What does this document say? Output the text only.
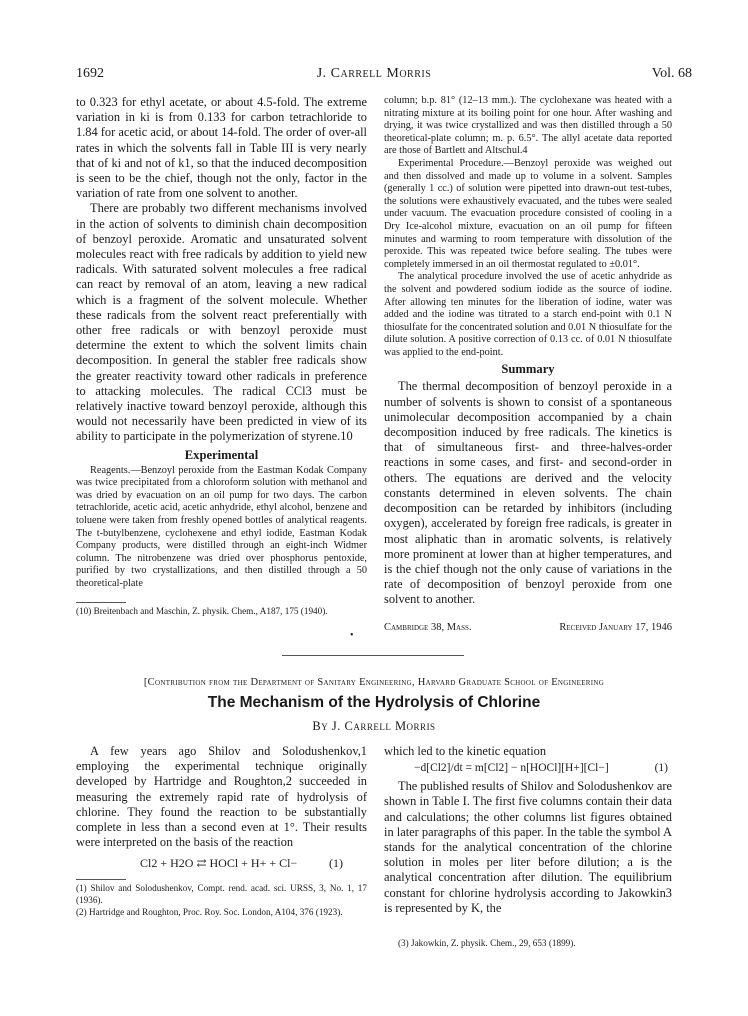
1692	J. Carrell Morris	Vol. 68

to 0.323 for ethyl acetate, or about 4.5-fold. The extreme variation in ki is from 0.133 for carbon tetrachloride to 1.84 for acetic acid, or about 14-fold. The order of over-all rates in which the solvents fall in Table III is very nearly that of ki and not of k1, so that the induced decomposition is seen to be the chief, though not the only, factor in the variation of rate from one solvent to another.

There are probably two different mechanisms involved in the action of solvents to diminish chain decomposition of benzoyl peroxide. Aromatic and unsaturated solvent molecules react with free radicals by addition to yield new radicals. With saturated solvent molecules a free radical can react by removal of an atom, leaving a new radical which is a fragment of the solvent molecule. Whether these radicals from the solvent react preferentially with other free radicals or with benzoyl peroxide must determine the extent to which the solvent limits chain decomposition. In general the stabler free radicals show the greater reactivity toward other radicals in preference to attacking molecules. The radical CCl3 must be relatively inactive toward benzoyl peroxide, although this would not necessarily have been predicted in view of its ability to participate in the polymerization of styrene.10

Experimental

Reagents.—Benzoyl peroxide from the Eastman Kodak Company was twice precipitated from a chloroform solution with methanol and was dried by evacuation on an oil pump for two days. The carbon tetrachloride, acetic acid, acetic anhydride, ethyl alcohol, benzene and toluene were taken from freshly opened bottles of analytical reagents. The t-butylbenzene, cyclohexene and ethyl iodide, Eastman Kodak Company products, were distilled through an eight-inch Widmer column. The nitrobenzene was dried over phosphorus pentoxide, purified by two crystallizations, and then distilled through a 50 theoretical-plate

(10) Breitenbach and Maschin, Z. physik. Chem., A187, 175 (1940).

column; b.p. 81° (12–13 mm.). The cyclohexane was heated with a nitrating mixture at its boiling point for one hour. After washing and drying, it was twice crystallized and was then distilled through a 50 theoretical-plate column; m. p. 6.5°. The allyl acetate data reported are those of Bartlett and Altschul.4

Experimental Procedure.—Benzoyl peroxide was weighed out and then dissolved and made up to volume in a solvent. Samples (generally 1 cc.) of solution were pipetted into drawn-out test-tubes, the solutions were exhaustively evacuated, and the tubes were sealed under vacuum. The evacuation procedure consisted of cooling in a Dry Ice-alcohol mixture, evacuation on an oil pump for fifteen minutes and warming to room temperature with dissolution of the peroxide. This was repeated twice before sealing. The tubes were completely immersed in an oil thermostat regulated to ±0.01°.

The analytical procedure involved the use of acetic anhydride as the solvent and powdered sodium iodide as the source of iodine. After allowing ten minutes for the liberation of iodine, water was added and the iodine was titrated to a starch end-point with 0.1 N thiosulfate for the concentrated solution and 0.01 N thiosulfate for the dilute solution. A positive correction of 0.13 cc. of 0.01 N thiosulfate was applied to the end-point.

Summary

The thermal decomposition of benzoyl peroxide in a number of solvents is shown to consist of a spontaneous unimolecular decomposition accompanied by a chain decomposition induced by free radicals. The kinetics is that of simultaneous first- and three-halves-order reactions in some cases, and first- and second-order in others. The equations are derived and the velocity constants determined in eleven solvents. The chain decomposition can be retarded by inhibitors (including oxygen), accelerated by foreign free radicals, is greater in most aliphatic than in aromatic solvents, is relatively more prominent at lower than at higher temperatures, and is the chief though not the only cause of variations in the rate of decomposition of benzoyl peroxide from one solvent to another.

Cambridge 38, Mass.	Received January 17, 1946
•
[Contribution from the Department of Sanitary Engineering, Harvard Graduate School of Engineering
The Mechanism of the Hydrolysis of Chlorine
By J. Carrell Morris

A few years ago Shilov and Solodushenkov,1 employing the experimental technique originally developed by Hartridge and Roughton,2 succeeded in measuring the extremely rapid rate of hydrolysis of chlorine. They found the reaction to be substantially complete in less than a second even at 1°. Their results were interpreted on the basis of the reaction

Cl2 + H2O ⇄ HOCl + H+ + Cl−	(1)
(1) Shilov and Solodushenkov, Compt. rend. acad. sci. URSS, 3, No. 1, 17 (1936).
(2) Hartridge and Roughton, Proc. Roy. Soc. London, A104, 376 (1923).

which led to the kinetic equation

−d[Cl2]/dt = m[Cl2] − n[HOCl][H+][Cl−]	(1)

The published results of Shilov and Solodushenkov are shown in Table I. The first five columns contain their data and calculations; the other columns list figures obtained in later paragraphs of this paper. In the table the symbol A stands for the analytical concentration of the chlorine solution in moles per liter before dilution; a is the analytical concentration after dilution. The equilibrium constant for chlorine hydrolysis according to Jakowkin3 is represented by K, the

(3) Jakowkin, Z. physik. Chem., 29, 653 (1899).
